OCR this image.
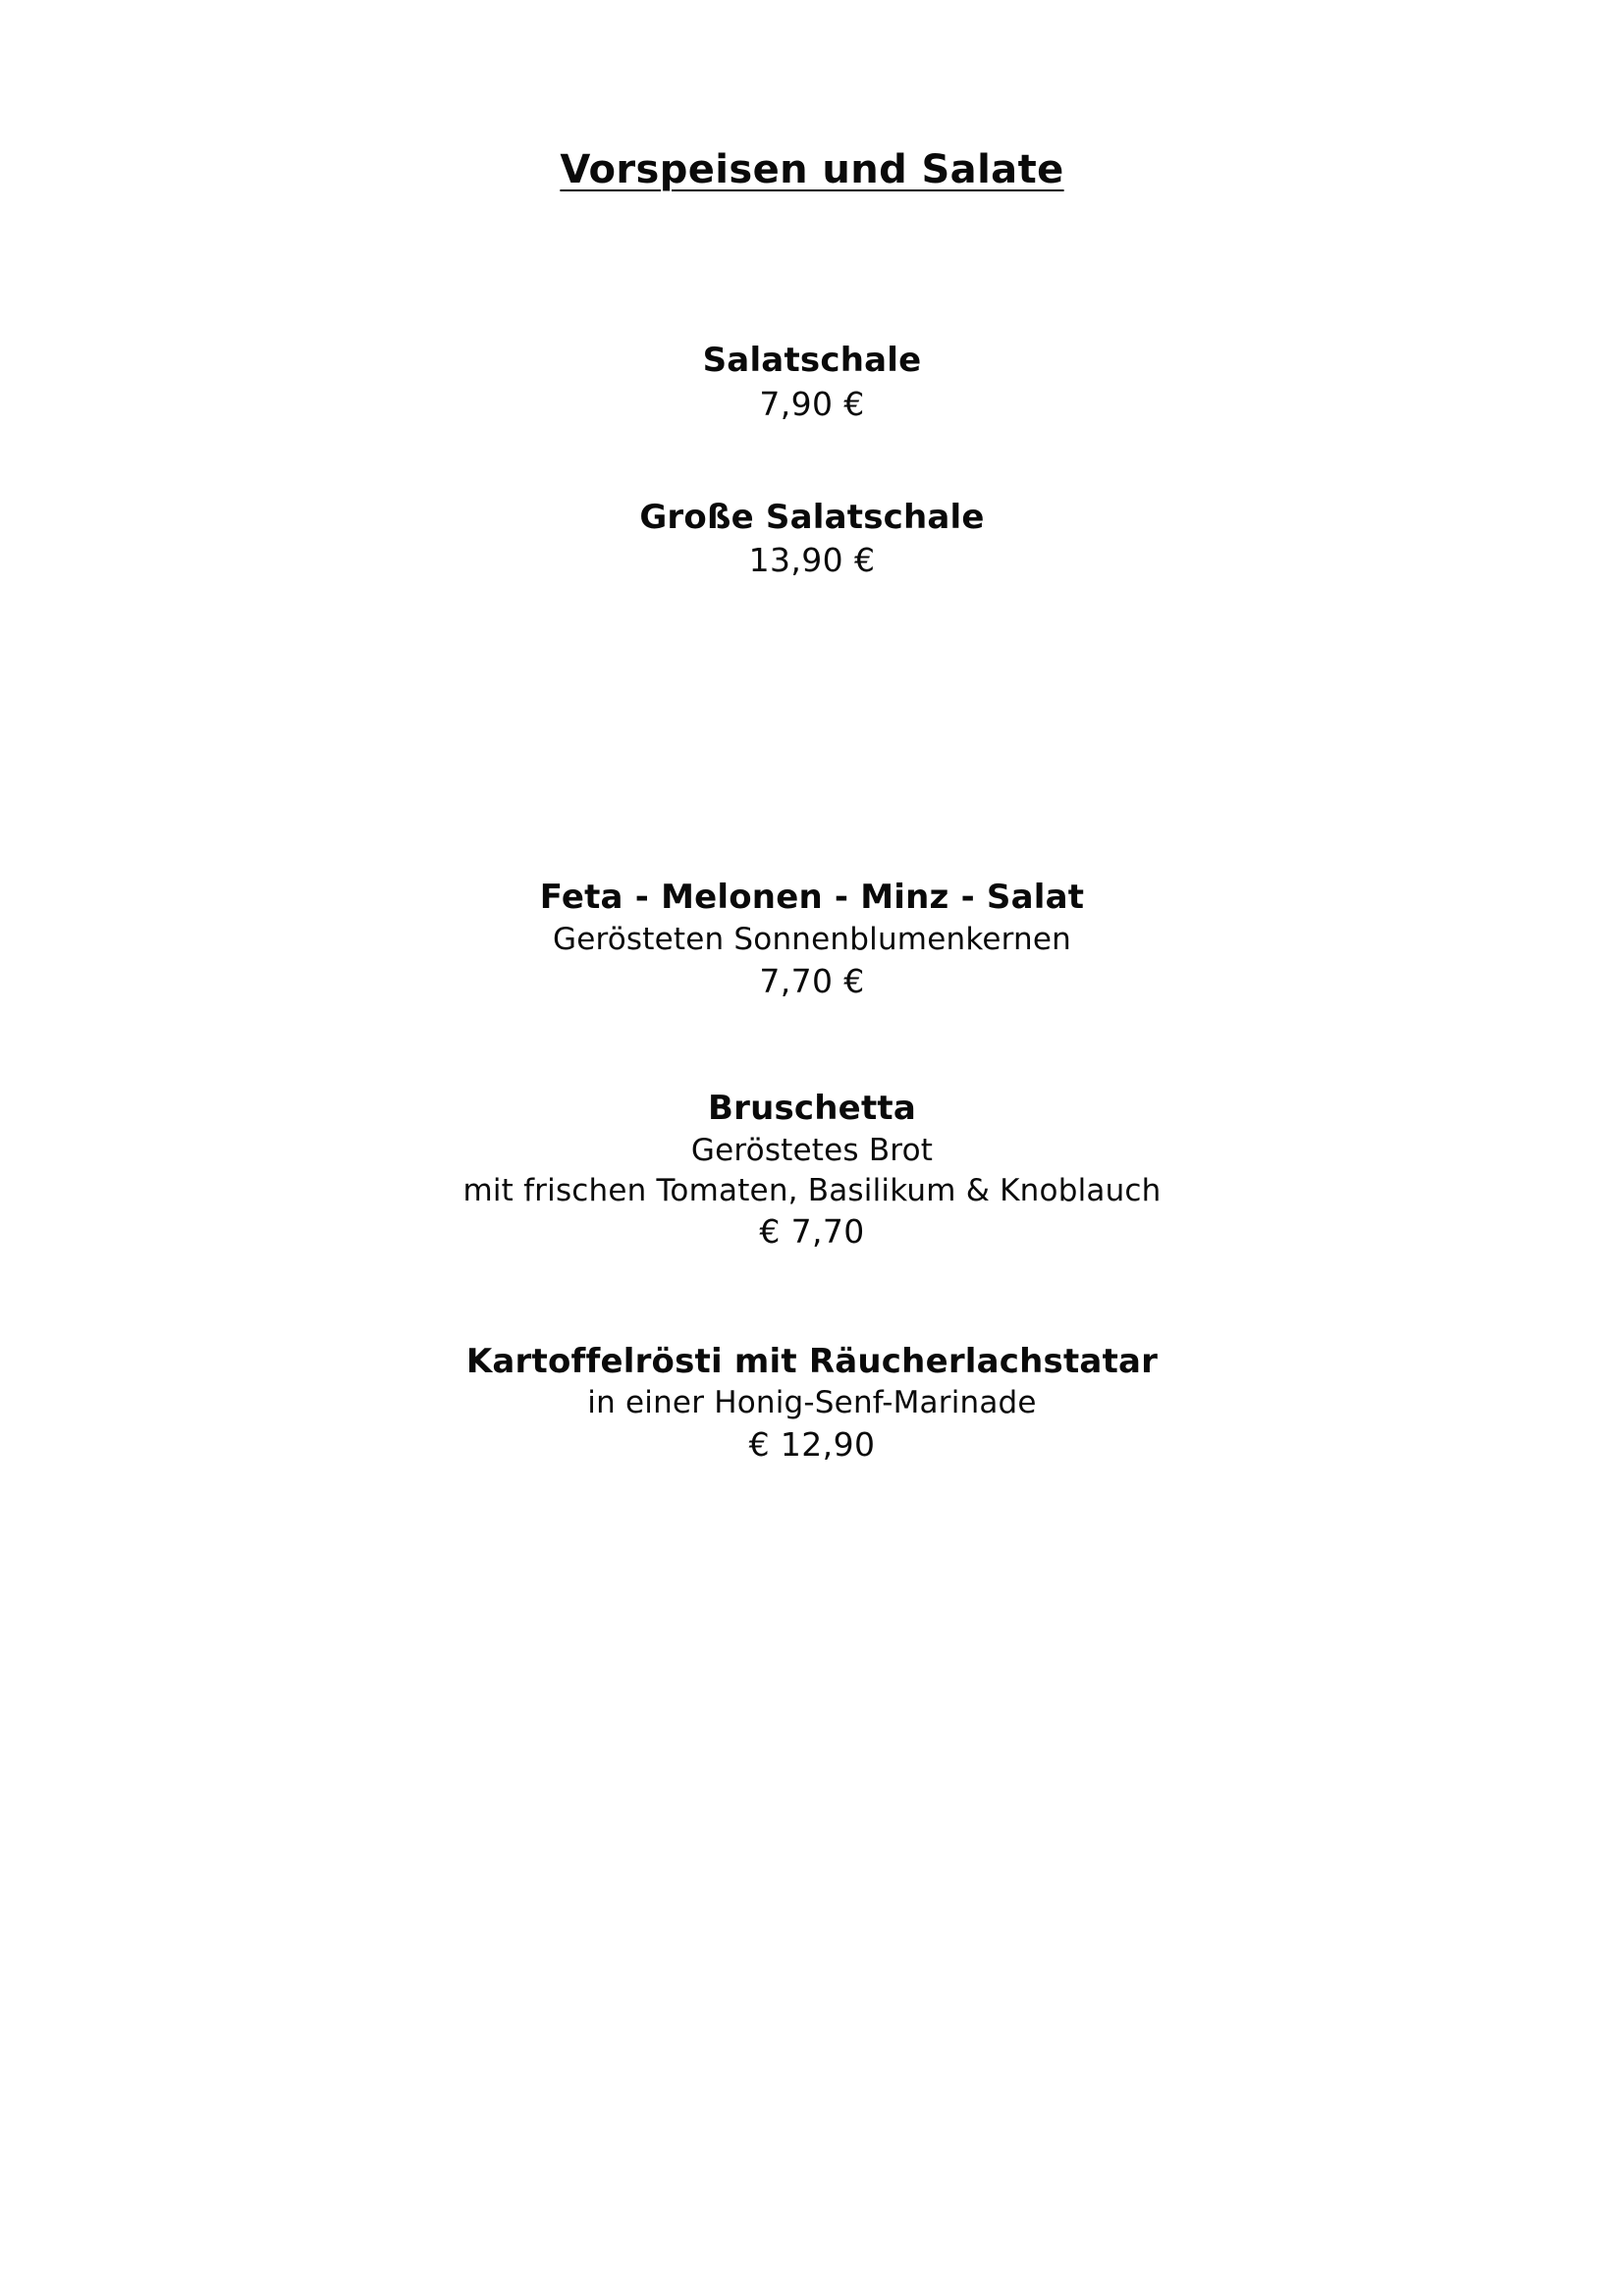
Vorspeisen und Salate
Salatschale
7,90 €
Große Salatschale
13,90 €
Feta - Melonen - Minz - Salat
Gerösteten Sonnenblumenkernen
7,70 €
Bruschetta
Geröstetes Brot
mit frischen Tomaten, Basilikum & Knoblauch
€ 7,70
Kartoffelrösti mit Räucherlachstatar
in einer Honig-Senf-Marinade
€ 12,90
